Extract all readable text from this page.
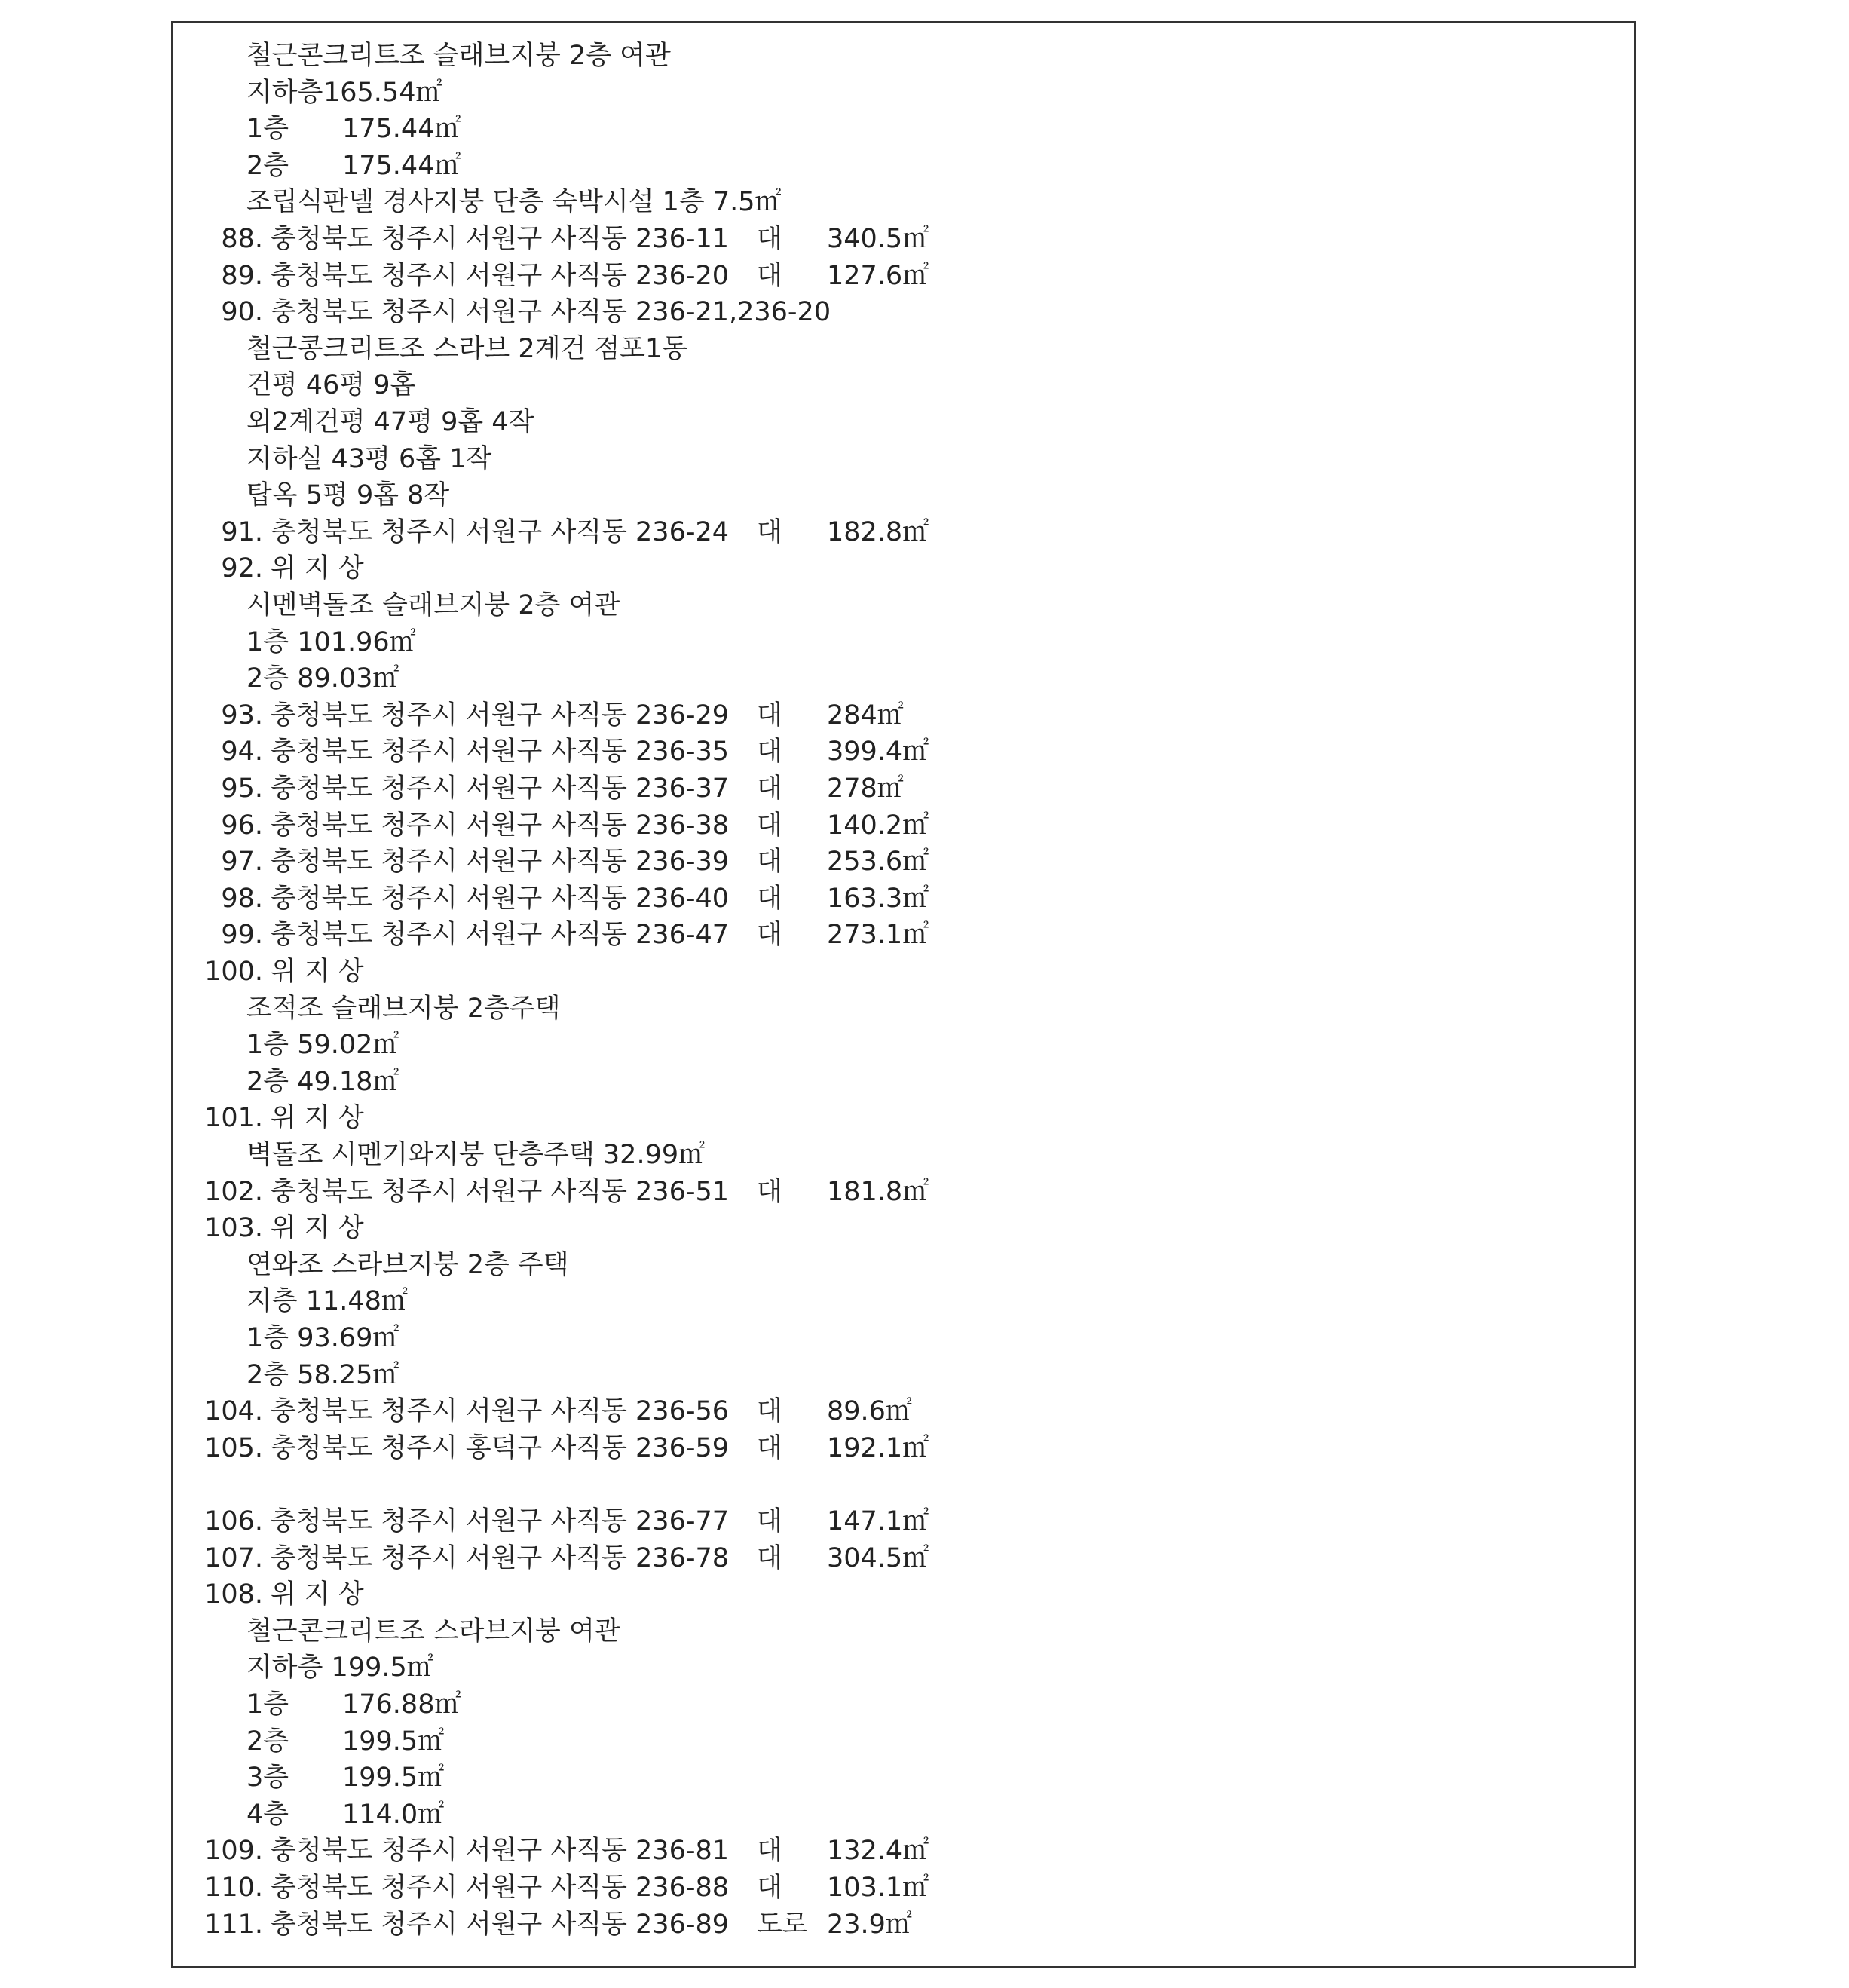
철근콘크리트조 슬래브지붕 2층 여관
지하층 165.54㎡
1층 175.44㎡
2층 175.44㎡
조립식판넬 경사지붕 단층 숙박시설 1층 7.5㎡
88. 충청북도 청주시 서원구 사직동 236-11 대 340.5㎡
89. 충청북도 청주시 서원구 사직동 236-20 대 127.6㎡
90. 충청북도 청주시 서원구 사직동 236-21,236-20
철근콩크리트조 스라브 2계건 점포1동
건평 46평 9홉
외2계건평 47평 9홉 4작
지하실 43평 6홉 1작
탑옥 5평 9홉 8작
91. 충청북도 청주시 서원구 사직동 236-24 대 182.8㎡
92. 위 지 상
시멘벽돌조 슬래브지붕 2층 여관
1층 101.96㎡
2층 89.03㎡
93. 충청북도 청주시 서원구 사직동 236-29 대 284㎡
94. 충청북도 청주시 서원구 사직동 236-35 대 399.4㎡
95. 충청북도 청주시 서원구 사직동 236-37 대 278㎡
96. 충청북도 청주시 서원구 사직동 236-38 대 140.2㎡
97. 충청북도 청주시 서원구 사직동 236-39 대 253.6㎡
98. 충청북도 청주시 서원구 사직동 236-40 대 163.3㎡
99. 충청북도 청주시 서원구 사직동 236-47 대 273.1㎡
100. 위 지 상
조적조 슬래브지붕 2층주택
1층 59.02㎡
2층 49.18㎡
101. 위 지 상
벽돌조 시멘기와지붕 단층주택 32.99㎡
102. 충청북도 청주시 서원구 사직동 236-51 대 181.8㎡
103. 위 지 상
연와조 스라브지붕 2층 주택
지층 11.48㎡
1층 93.69㎡
2층 58.25㎡
104. 충청북도 청주시 서원구 사직동 236-56 대 89.6㎡
105. 충청북도 청주시 홍덕구 사직동 236-59 대 192.1㎡
106. 충청북도 청주시 서원구 사직동 236-77 대 147.1㎡
107. 충청북도 청주시 서원구 사직동 236-78 대 304.5㎡
108. 위 지 상
철근콘크리트조 스라브지붕 여관
지하층 199.5㎡
1층 176.88㎡
2층 199.5㎡
3층 199.5㎡
4층 114.0㎡
109. 충청북도 청주시 서원구 사직동 236-81 대 132.4㎡
110. 충청북도 청주시 서원구 사직동 236-88 대 103.1㎡
111. 충청북도 청주시 서원구 사직동 236-89 도로 23.9㎡
